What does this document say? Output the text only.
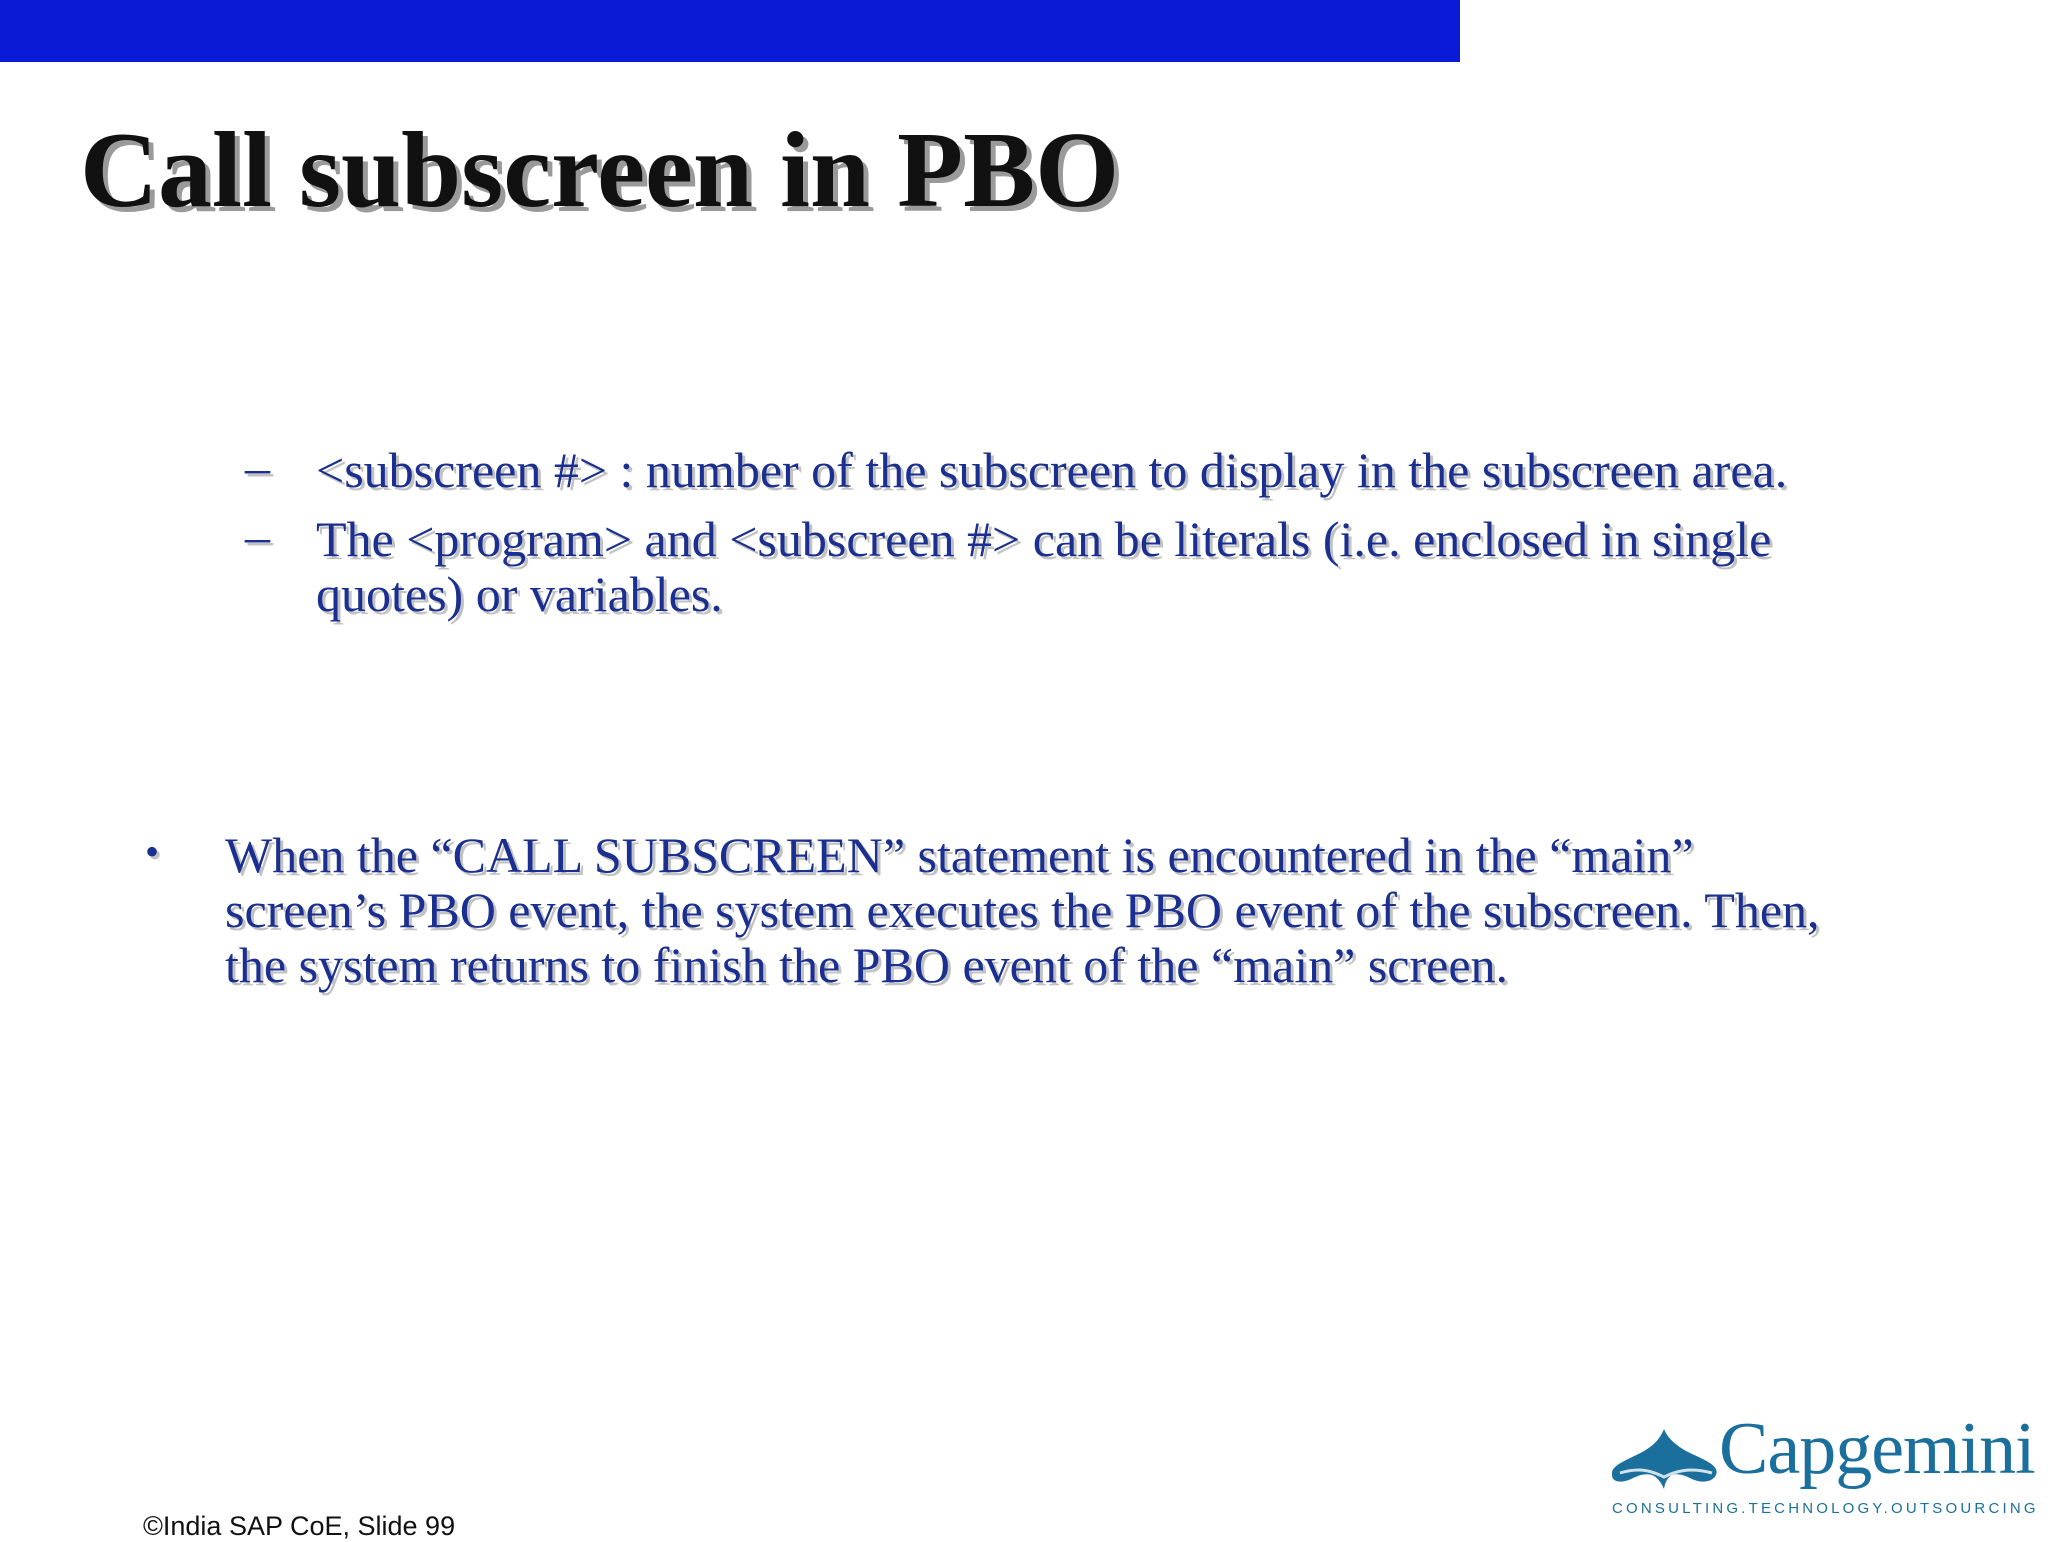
Call subscreen in PBO
– <subscreen #> : number of the subscreen to display in the subscreen area.
– The <program> and <subscreen #> can be literals (i.e. enclosed in single quotes) or variables.
• When the “CALL SUBSCREEN” statement is encountered in the “main” screen’s PBO event, the system executes the PBO event of the subscreen. Then, the system returns to finish the PBO event of the “main” screen.
©India SAP CoE, Slide 99
Capgemini
CONSULTING.TECHNOLOGY.OUTSOURCING
